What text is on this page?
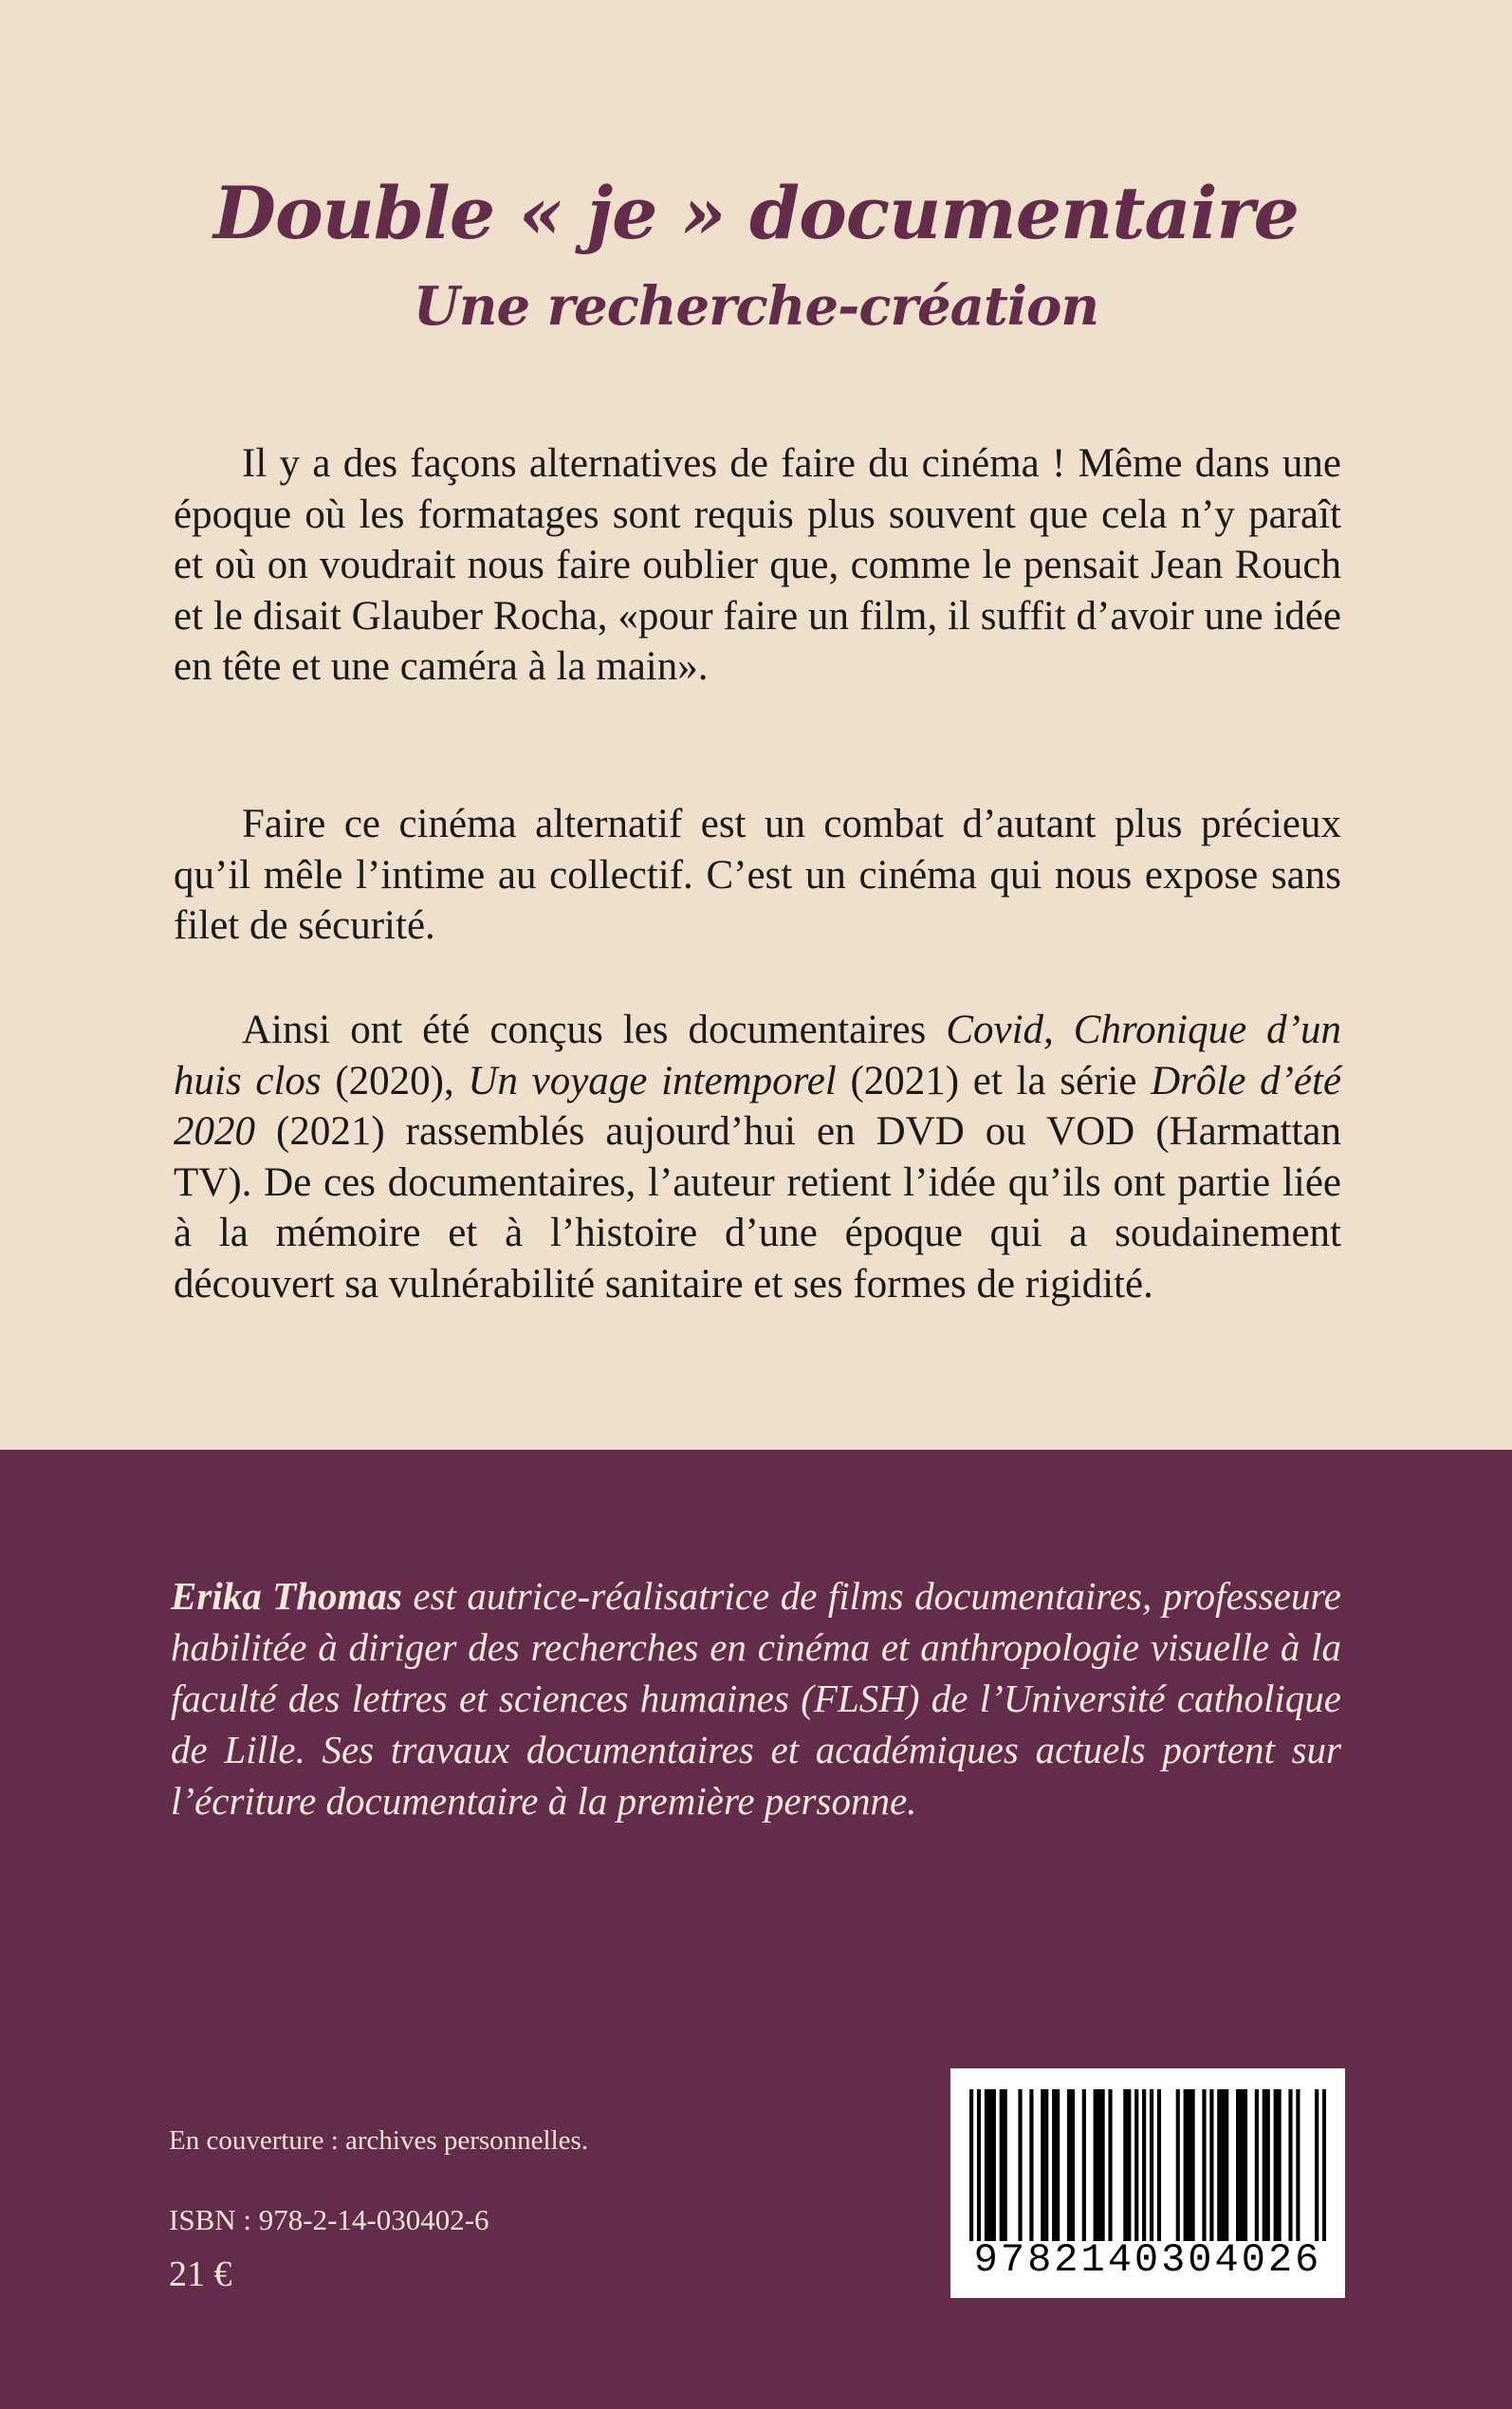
Double « je » documentaire
Une recherche-création

Il y a des façons alternatives de faire du cinéma ! Même dans une époque où les formatages sont requis plus souvent que cela n’y paraît et où on voudrait nous faire oublier que, comme le pensait Jean Rouch et le disait Glauber Rocha, «pour faire un film, il suffit d’avoir une idée en tête et une caméra à la main».

Faire ce cinéma alternatif est un combat d’autant plus précieux qu’il mêle l’intime au collectif. C’est un cinéma qui nous expose sans filet de sécurité.

Ainsi ont été conçus les documentaires Covid, Chronique d’un huis clos (2020), Un voyage intemporel (2021) et la série Drôle d’été 2020 (2021) rassemblés aujourd’hui en DVD ou VOD (Harmattan TV). De ces documentaires, l’auteur retient l’idée qu’ils ont partie liée à la mémoire et à l’histoire d’une époque qui a soudainement découvert sa vulnérabilité sanitaire et ses formes de rigidité.

Erika Thomas est autrice-réalisatrice de films documentaires, professeure habilitée à diriger des recherches en cinéma et anthropologie visuelle à la faculté des lettres et sciences humaines (FLSH) de l’Université catholique de Lille. Ses travaux documentaires et académiques actuels portent sur l’écriture documentaire à la première personne.

En couverture : archives personnelles.

ISBN : 978-2-14-030402-6

21 €	9782140304026
